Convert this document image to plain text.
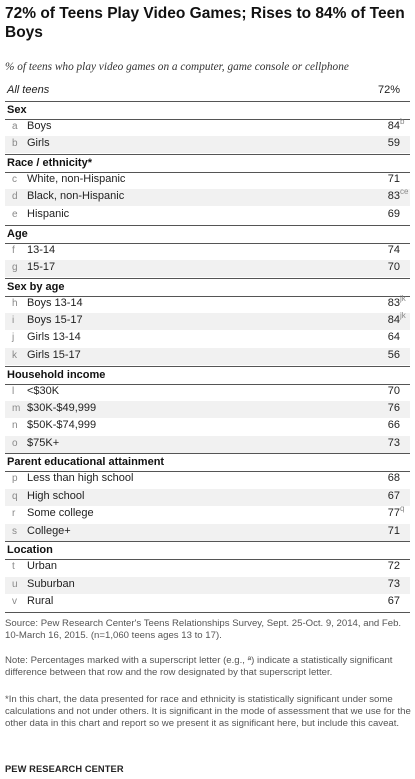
72% of Teens Play Video Games; Rises to 84% of Teen Boys
% of teens who play video games on a computer, game console or cellphone
All teens	72%
Sex
a Boys	84 b
b Girls	59
Race / ethnicity*
c White, non-Hispanic	71
d Black, non-Hispanic	83 ce
e Hispanic	69
Age
f 13-14	74
g 15-17	70
Sex by age
h Boys 13-14	83 jk
i Boys 15-17	84 jk
j Girls 13-14	64
k Girls 15-17	56
Household income
l <$30K	70
m $30K-$49,999	76
n $50K-$74,999	66
o $75K+	73
Parent educational attainment
p Less than high school	68
q High school	67
r Some college	77 q
s College+	71
Location
t Urban	72
u Suburban	73
v Rural	67
Source: Pew Research Center's Teens Relationships Survey, Sept. 25-Oct. 9, 2014, and Feb. 10-March 16, 2015. (n=1,060 teens ages 13 to 17).
Note: Percentages marked with a superscript letter (e.g., ª) indicate a statistically significant difference between that row and the row designated by that superscript letter.
*In this chart, the data presented for race and ethnicity is statistically significant under some calculations and not under others. It is significant in the mode of assessment that we use for the other data in this chart and report so we present it as significant here, but include this caveat.
PEW RESEARCH CENTER
